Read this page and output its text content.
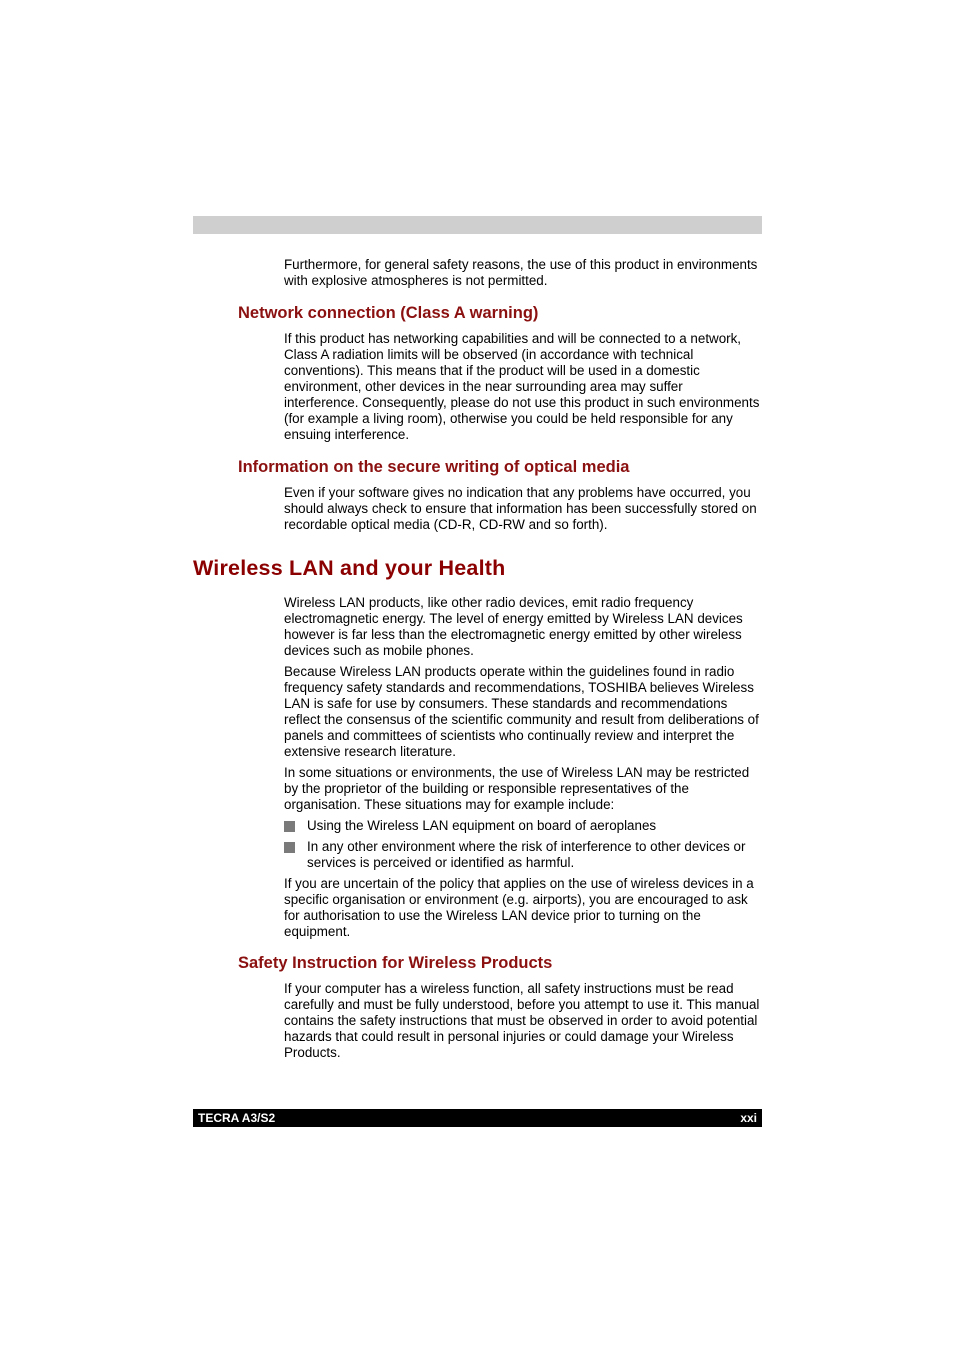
Furthermore, for general safety reasons, the use of this product in environments with explosive atmospheres is not permitted.

Network connection (Class A warning)

If this product has networking capabilities and will be connected to a network, Class A radiation limits will be observed (in accordance with technical conventions). This means that if the product will be used in a domestic environment, other devices in the near surrounding area may suffer interference. Consequently, please do not use this product in such environments (for example a living room), otherwise you could be held responsible for any ensuing interference.

Information on the secure writing of optical media

Even if your software gives no indication that any problems have occurred, you should always check to ensure that information has been successfully stored on recordable optical media (CD-R, CD-RW and so forth).

Wireless LAN and your Health

Wireless LAN products, like other radio devices, emit radio frequency electromagnetic energy. The level of energy emitted by Wireless LAN devices however is far less than the electromagnetic energy emitted by other wireless devices such as mobile phones.

Because Wireless LAN products operate within the guidelines found in radio frequency safety standards and recommendations, TOSHIBA believes Wireless LAN is safe for use by consumers. These standards and recommendations reflect the consensus of the scientific community and result from deliberations of panels and committees of scientists who continually review and interpret the extensive research literature.

In some situations or environments, the use of Wireless LAN may be restricted by the proprietor of the building or responsible representatives of the organisation. These situations may for example include:

Using the Wireless LAN equipment on board of aeroplanes

In any other environment where the risk of interference to other devices or services is perceived or identified as harmful.

If you are uncertain of the policy that applies on the use of wireless devices in a specific organisation or environment (e.g. airports), you are encouraged to ask for authorisation to use the Wireless LAN device prior to turning on the equipment.

Safety Instruction for Wireless Products

If your computer has a wireless function, all safety instructions must be read carefully and must be fully understood, before you attempt to use it. This manual contains the safety instructions that must be observed in order to avoid potential hazards that could result in personal injuries or could damage your Wireless Products.

TECRA A3/S2	xxi
